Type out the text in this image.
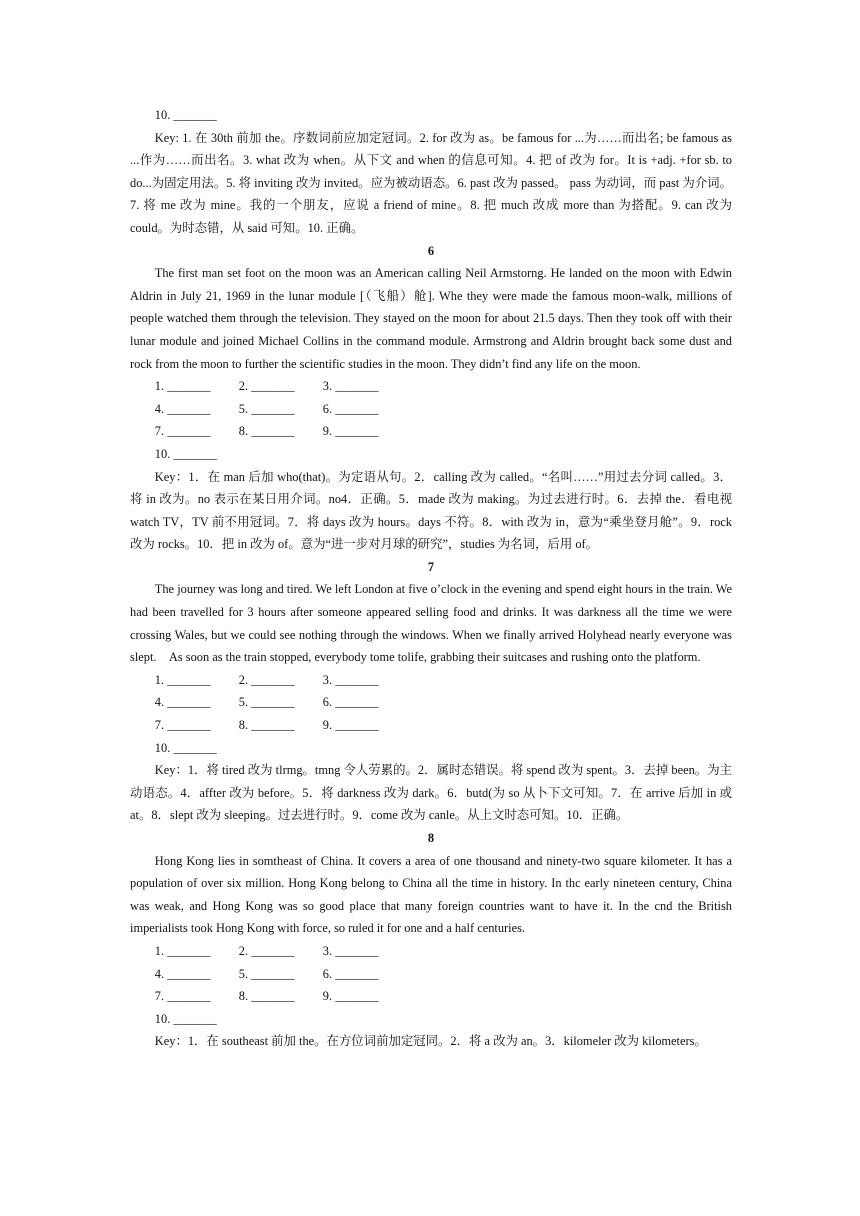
10. _______

Key: 1. 在 30th 前加 the。序数词前应加定冠词。2. for 改为 as。be famous for ...为……而出名; be famous as ...作为……而出名。3. what 改为 when。从下文 and when 的信息可知。4. 把 of 改为 for。It is +adj. +for sb. to do...为固定用法。5. 将 inviting 改为 invited。应为被动语态。6. past 改为 passed。 pass 为动词，而 past 为介词。7. 将 me 改为 mine。我的一个朋友，应说 a friend of mine。8. 把 much 改成 more than 为搭配。9. can 改为 could。为时态错，从 said 可知。10. 正确。

6

The first man set foot on the moon was an American calling Neil Armstorng. He landed on the moon with Edwin Aldrin in July 21, 1969 in the lunar module [（飞船）舱]. Whe they were made the famous moon-walk, millions of people watched them through the television. They stayed on the moon for about 21.5 days. Then they took off with their lunar module and joined Michael Collins in the command module. Armstrong and Aldrin brought back some dust and rock from the moon to further the scientific studies in the moon. They didn’t find any life on the moon.

1. _______	2. _______	3. _______
4. _______	5. _______	6. _______
7. _______	8. _______	9. _______
10. _______

Key：1．在 man 后加 who(that)。为定语从句。2．calling 改为 called。“名叫……”用过去分词 called。3．将 in 改为。no 表示在某日用介词。no4．正确。5．made 改为 making。为过去进行时。6．去掉 the．看电视 watch TV，TV 前不用冠词。7．将 days 改为 hours。days 不符。8．with 改为 in，意为“乘坐登月舱”。9．rock 改为 rocks。10．把 in 改为 of。意为“进一步对月球的研究”，studies 为名词，后用 of。

7

The journey was long and tired. We left London at five o’clock in the evening and spend eight hours in the train. We had been travelled for 3 hours after someone appeared selling food and drinks. It was darkness all the time we were crossing Wales, but we could see nothing through the windows. When we finally arrived Holyhead nearly everyone was slept.　As soon as the train stopped, everybody tome tolife, grabbing their suitcases and rushing onto the platform.

1. _______	2. _______	3. _______
4. _______	5. _______	6. _______
7. _______	8. _______	9. _______
10. _______

Key：1．将 tired 改为 tlrmg。tmng 令人劳累的。2．属时态错误。将 spend 改为 spent。3．去掉 been。为主动语态。4．affter 改为 before。5．将 darkness 改为 dark。6．butd(为 so 从卜下文可知。7．在 arrive 后加 in 或 at。8．slept 改为 sleeping。过去进行时。9．come 改为 canle。从上文时态可知。10．正确。

8

Hong Kong lies in somtheast of China. It covers a area of one thousand and ninety-two square kilometer. It has a population of over six million. Hong Kong belong to China all the time in history. In thc early nineteen century, China was weak, and Hong Kong was so good place that many foreign countries want to have it. In the cnd the British imperialists took Hong Kong with force, so ruled it for one and a half centuries.

1. _______	2. _______	3. _______
4. _______	5. _______	6. _______
7. _______	8. _______	9. _______
10. _______

Key：1．在 southeast 前加 the。在方位词前加定冠同。2．将 a 改为 an。3．kilomeler 改为 kilometers。
